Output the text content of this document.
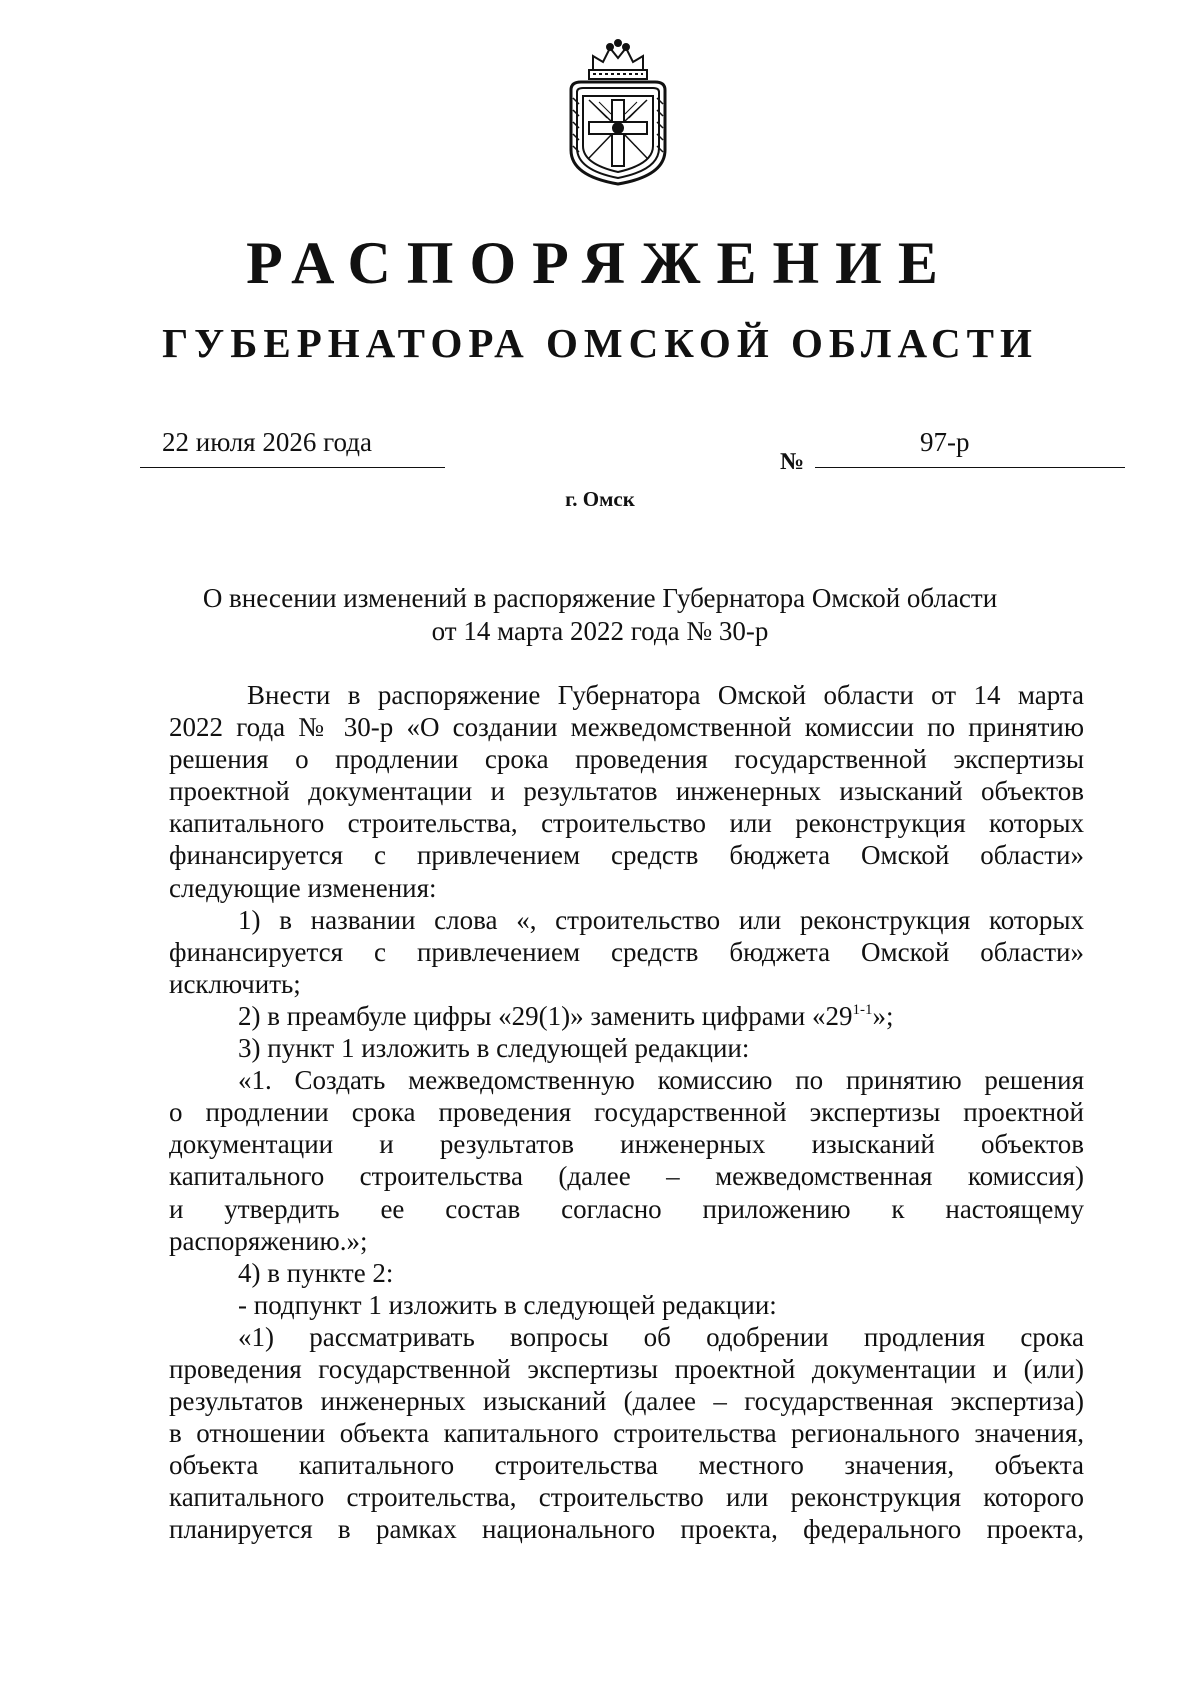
РАСПОРЯЖЕНИЕ
ГУБЕРНАТОРА ОМСКОЙ ОБЛАСТИ
22 июля 2026 года
№
97-р
г. Омск
О внесении изменений в распоряжение Губернатора Омской области
от 14 марта 2022 года № 30-р
Внести в распоряжение Губернатора Омской области от 14 марта
2022 года № 30-р «О создании межведомственной комиссии по принятию
решения о продлении срока проведения государственной экспертизы
проектной документации и результатов инженерных изысканий объектов
капитального строительства, строительство или реконструкция которых
финансируется с привлечением средств бюджета Омской области»
следующие изменения:
1) в названии слова «, строительство или реконструкция которых
финансируется с привлечением средств бюджета Омской области»
исключить;
2) в преамбуле цифры «29(1)» заменить цифрами «29$^{1-1}$»;
3) пункт 1 изложить в следующей редакции:
«1. Создать межведомственную комиссию по принятию решения
о продлении срока проведения государственной экспертизы проектной
документации и результатов инженерных изысканий объектов
капитального строительства (далее – межведомственная комиссия)
и утвердить ее состав согласно приложению к настоящему
распоряжению.»;
4) в пункте 2:
- подпункт 1 изложить в следующей редакции:
«1) рассматривать вопросы об одобрении продления срока
проведения государственной экспертизы проектной документации и (или)
результатов инженерных изысканий (далее – государственная экспертиза)
в отношении объекта капитального строительства регионального значения,
объекта капитального строительства местного значения, объекта
капитального строительства, строительство или реконструкция которого
планируется в рамках национального проекта, федерального проекта,
